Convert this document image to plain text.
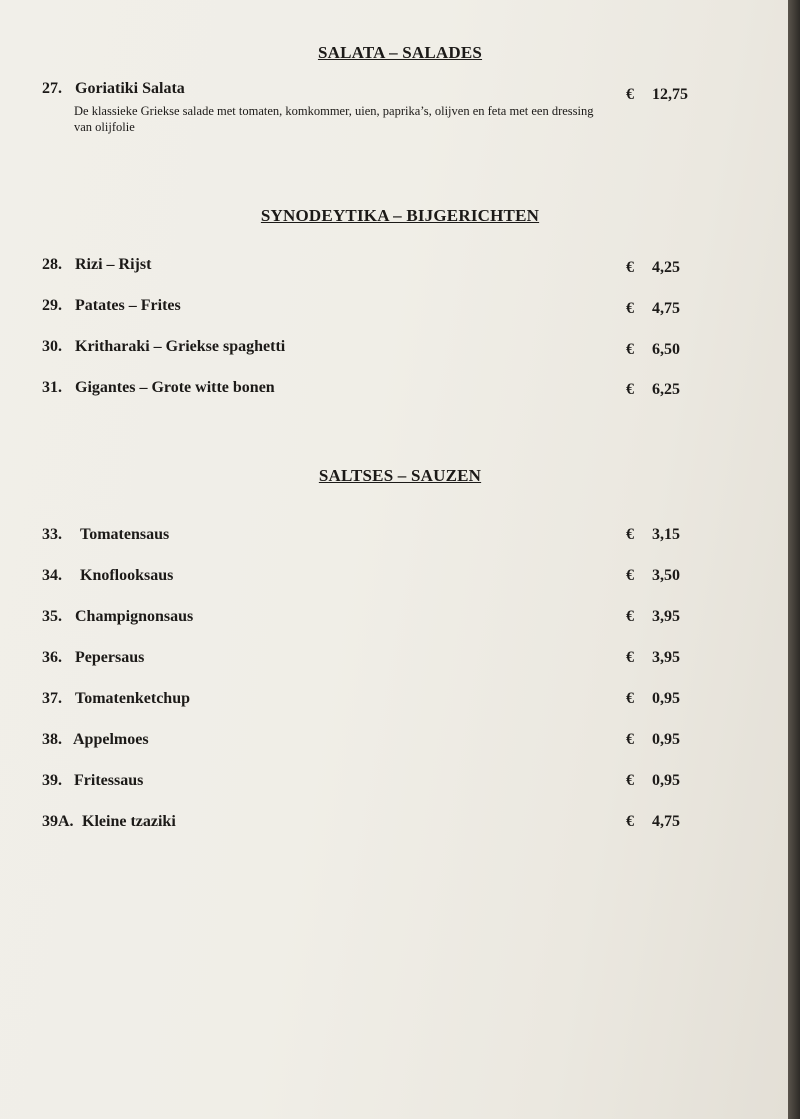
SALATA – SALADES
27. Goriatiki Salata	€ 12,75
De klassieke Griekse salade met tomaten, komkommer, uien, paprika’s, olijven en feta met een dressing van olijfolie
SYNODEYTIKA – BIJGERICHTEN
28. Rizi – Rijst	€ 4,25
29. Patates – Frites	€ 4,75
30. Kritharaki – Griekse spaghetti	€ 6,50
31. Gigantes – Grote witte bonen	€ 6,25
SALTSES – SAUZEN
33. Tomatensaus	€ 3,15
34. Knoflooksaus	€ 3,50
35. Champignonsaus	€ 3,95
36. Pepersaus	€ 3,95
37. Tomatenketchup	€ 0,95
38. Appelmoes	€ 0,95
39. Fritessaus	€ 0,95
39A. Kleine tzaziki	€ 4,75
